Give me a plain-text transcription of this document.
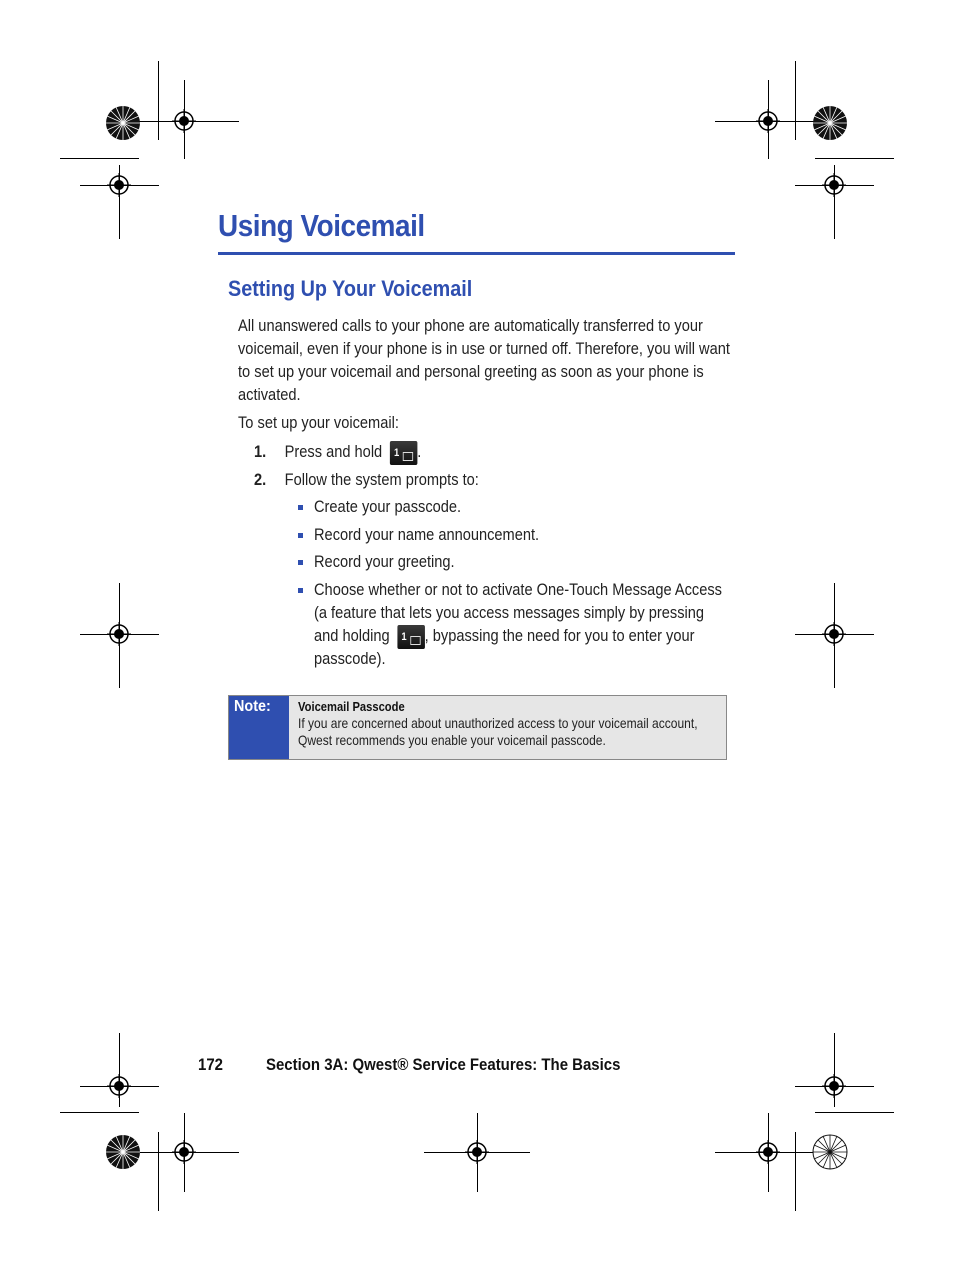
Using Voicemail
Setting Up Your Voicemail
All unanswered calls to your phone are automatically transferred to your voicemail, even if your phone is in use or turned off. Therefore, you will want to set up your voicemail and personal greeting as soon as your phone is activated.
To set up your voicemail:
1. Press and hold 1 .
2. Follow the system prompts to:
Create your passcode.
Record your name announcement.
Record your greeting.
Choose whether or not to activate One-Touch Message Access
(a feature that lets you access messages simply by pressing
and holding 1 , bypassing the need for you to enter your
passcode).
Note: Voicemail Passcode
If you are concerned about unauthorized access to your voicemail account, Qwest recommends you enable your voicemail passcode.
172	Section 3A: Qwest® Service Features: The Basics
